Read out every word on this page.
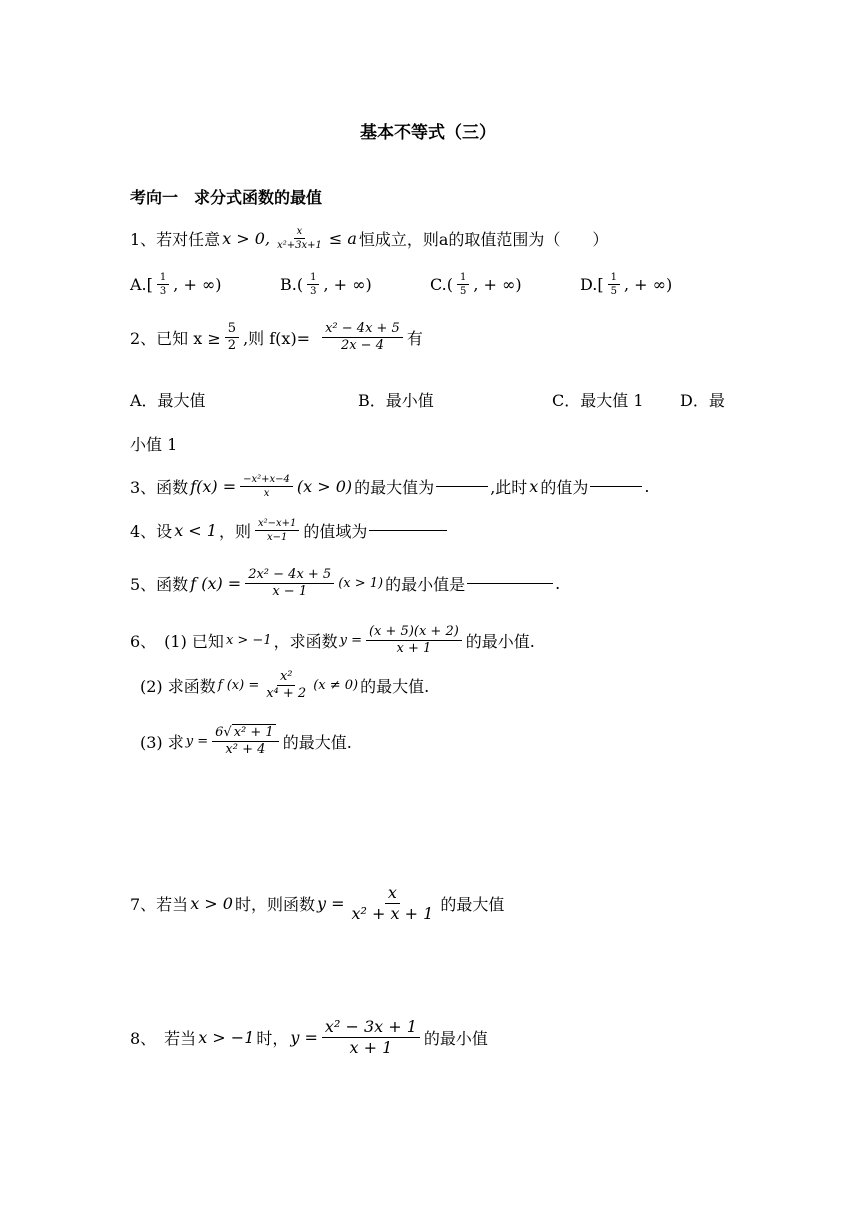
基本不等式（三）
考向一　求分式函数的最值
1、若对任意 x > 0, $\frac{x}{\text{x²+3x+1}} \le a$ 恒成立，则a的取值范围为（　　）
$A.[ \frac{1}{3}$ , + ∞)	$B.( \frac{1}{3}$ , + ∞)	$C.( \frac{1}{5}$ , + ∞)	$D.[ \frac{1}{5}$ , + ∞)
2、已知 $x \ge \frac{5}{2}$ ,则 $f(x)= \frac{\text{x² − 4x + 5}}{2x - 4}$ 有
A．最大值	B．最小值	C．最大值 1 D．最
小值 1
3、函数 $f(x) = \frac{\text{−x²+x−4}}{x} (x > 0)$ 的最大值为	,此时 x 的值为	.
4、设 x < 1 ，则 $\frac{\text{x²−x+1}}{x-1}$ 的值域为
5、函数 f $(x) = \frac{\text{2x² − 4x + 5}}{x - 1} (x > 1)$ 的最小值是	.
6、　(1) 已知 x > −1 ，求函数 $y = \frac{(x + 5)(x + 2)}{x + 1}$ 的最小值.
(2) 求函数 f $(x) = \frac{\text{x²}}{\text{x⁴ + 2}} (x \ne 0)$ 的最大值.
(3) 求 $y = \frac{\text{6√ x² + 1}}{\text{x² + 4}}$ 的最大值.
7、若当 x > 0 时，则函数 $y = \frac{x}{\text{x² + x + 1}}$ 的最大值
8、　若当 x > −1 时， $y = \frac{\text{x² − 3x + 1}}{x + 1}$ 的最小值
